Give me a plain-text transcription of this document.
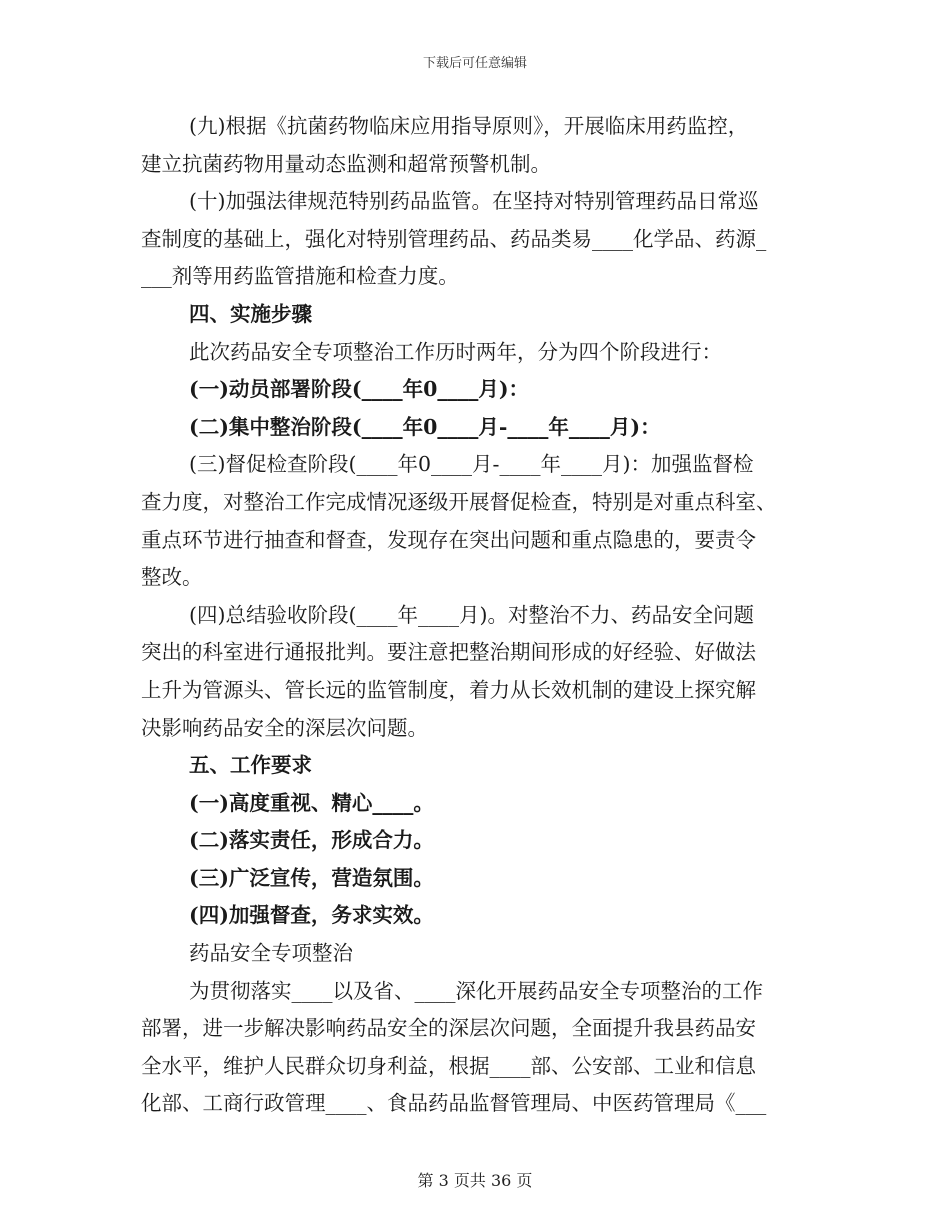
下载后可任意编辑

(九)根据《抗菌药物临床应用指导原则》，开展临床用药监控，

建立抗菌药物用量动态监测和超常预警机制。

(十)加强法律规范特别药品监管。在坚持对特别管理药品日常巡

查制度的基础上，强化对特别管理药品、药品类易____化学品、药源_

___剂等用药监管措施和检查力度。

四、实施步骤

此次药品安全专项整治工作历时两年，分为四个阶段进行：

(一)动员部署阶段(____年0____月)：

(二)集中整治阶段(____年0____月-____年____月)：

(三)督促检查阶段(____年0____月-____年____月)：加强监督检

查力度，对整治工作完成情况逐级开展督促检查，特别是对重点科室、

重点环节进行抽查和督查，发现存在突出问题和重点隐患的，要责令

整改。

(四)总结验收阶段(____年____月)。对整治不力、药品安全问题

突出的科室进行通报批判。要注意把整治期间形成的好经验、好做法

上升为管源头、管长远的监管制度，着力从长效机制的建设上探究解

决影响药品安全的深层次问题。

五、工作要求

(一)高度重视、精心____。

(二)落实责任，形成合力。

(三)广泛宣传，营造氛围。

(四)加强督查，务求实效。

药品安全专项整治

为贯彻落实____以及省、____深化开展药品安全专项整治的工作

部署，进一步解决影响药品安全的深层次问题，全面提升我县药品安

全水平，维护人民群众切身利益，根据____部、公安部、工业和信息

化部、工商行政管理____、食品药品监督管理局、中医药管理局《___

第 3 页共 36 页
